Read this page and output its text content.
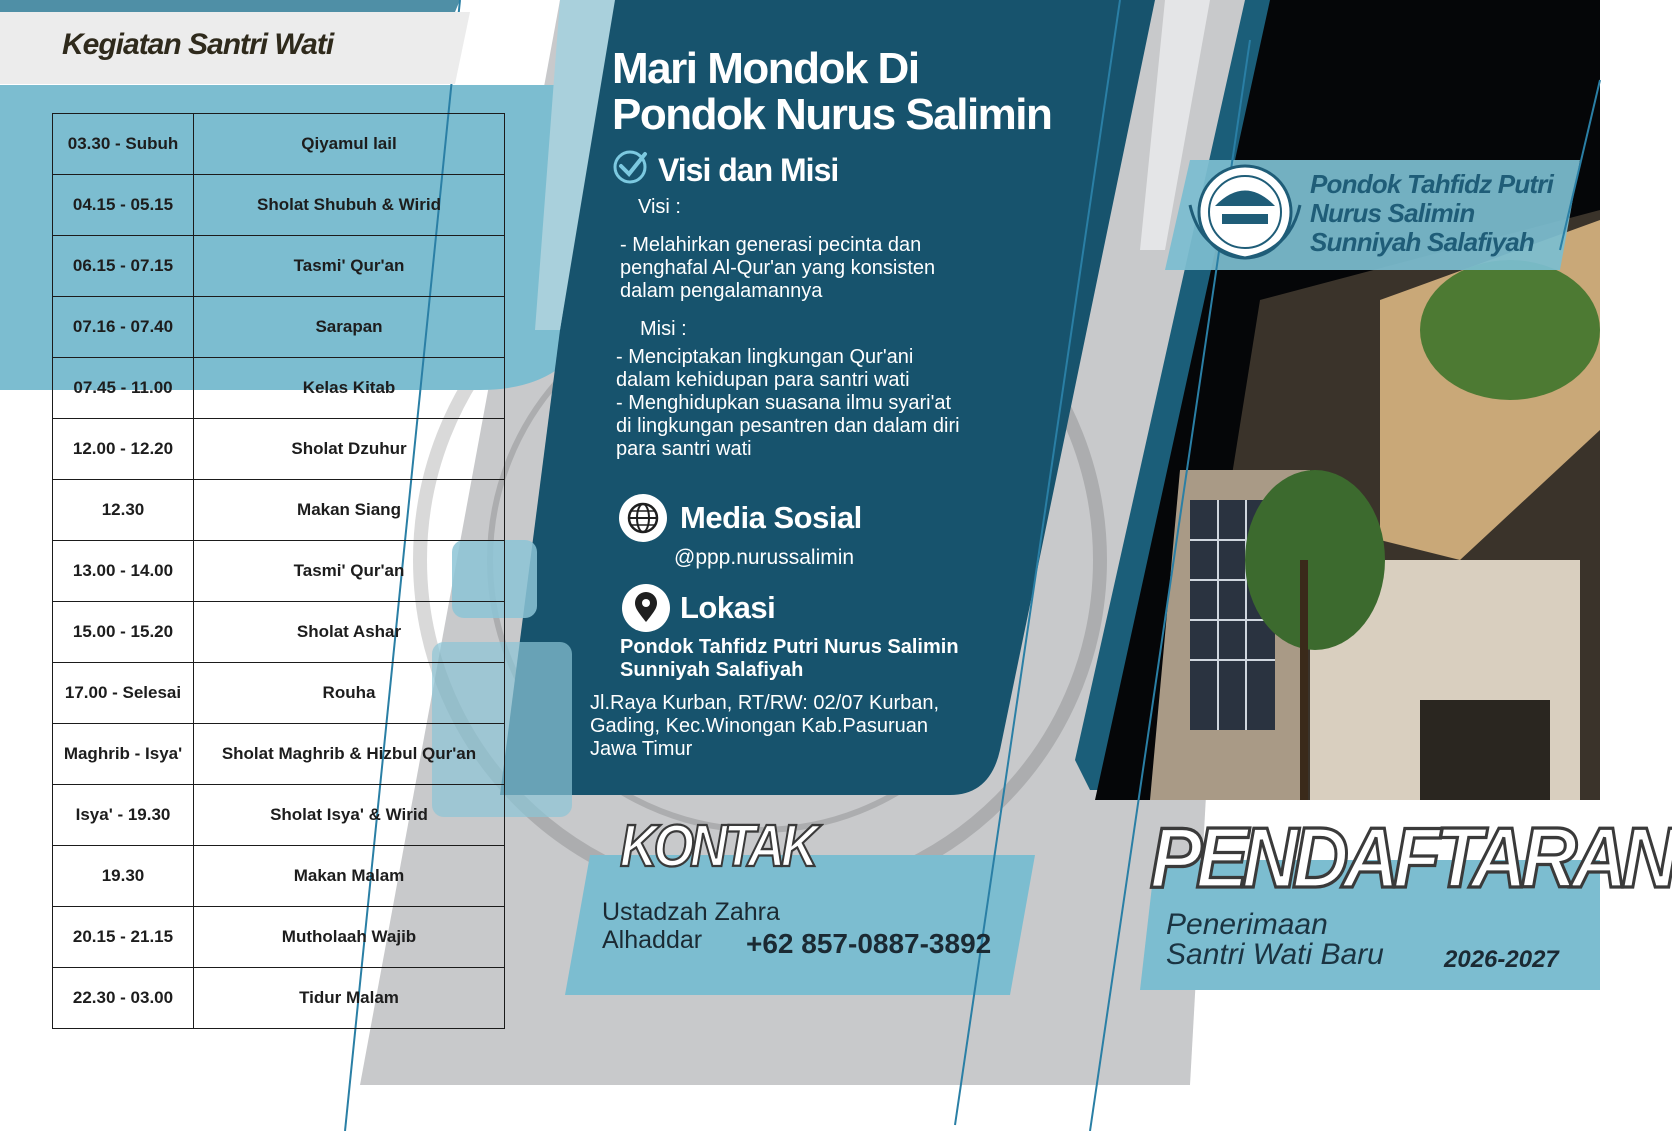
Kegiatan Santri Wati
03.30 - Subuh	Qiyamul lail
04.15 - 05.15	Sholat Shubuh & Wirid
06.15 - 07.15	Tasmi' Qur'an
07.16 - 07.40	Sarapan
07.45 - 11.00	Kelas Kitab
12.00 - 12.20	Sholat Dzuhur
12.30	Makan Siang
13.00 - 14.00	Tasmi' Qur'an
15.00 - 15.20	Sholat Ashar
17.00 - Selesai	Rouha
Maghrib - Isya'	Sholat Maghrib & Hizbul Qur'an
Isya' - 19.30	Sholat Isya' & Wirid
19.30	Makan Malam
20.15 - 21.15	Mutholaah Wajib
22.30 - 03.00	Tidur Malam
Mari Mondok Di
Pondok Nurus Salimin
Visi dan Misi
Visi :
- Melahirkan generasi pecinta dan
penghafal Al-Qur'an yang konsisten
dalam pengalamannya
Misi :
- Menciptakan lingkungan Qur'ani
dalam kehidupan para santri wati
- Menghidupkan suasana ilmu syari'at
di lingkungan pesantren dan dalam diri
para santri wati
Media Sosial
@ppp.nurussalimin
Lokasi
Pondok Tahfidz Putri Nurus Salimin
Sunniyah Salafiyah
Jl.Raya Kurban, RT/RW: 02/07 Kurban,
Gading, Kec.Winongan Kab.Pasuruan
Jawa Timur
KONTAK
Ustadzah Zahra
Alhaddar	+62 857-0887-3892
Pondok Tahfidz Putri
Nurus Salimin
Sunniyah Salafiyah
PENDAFTARAN
Penerimaan
Santri Wati Baru	2026-2027
